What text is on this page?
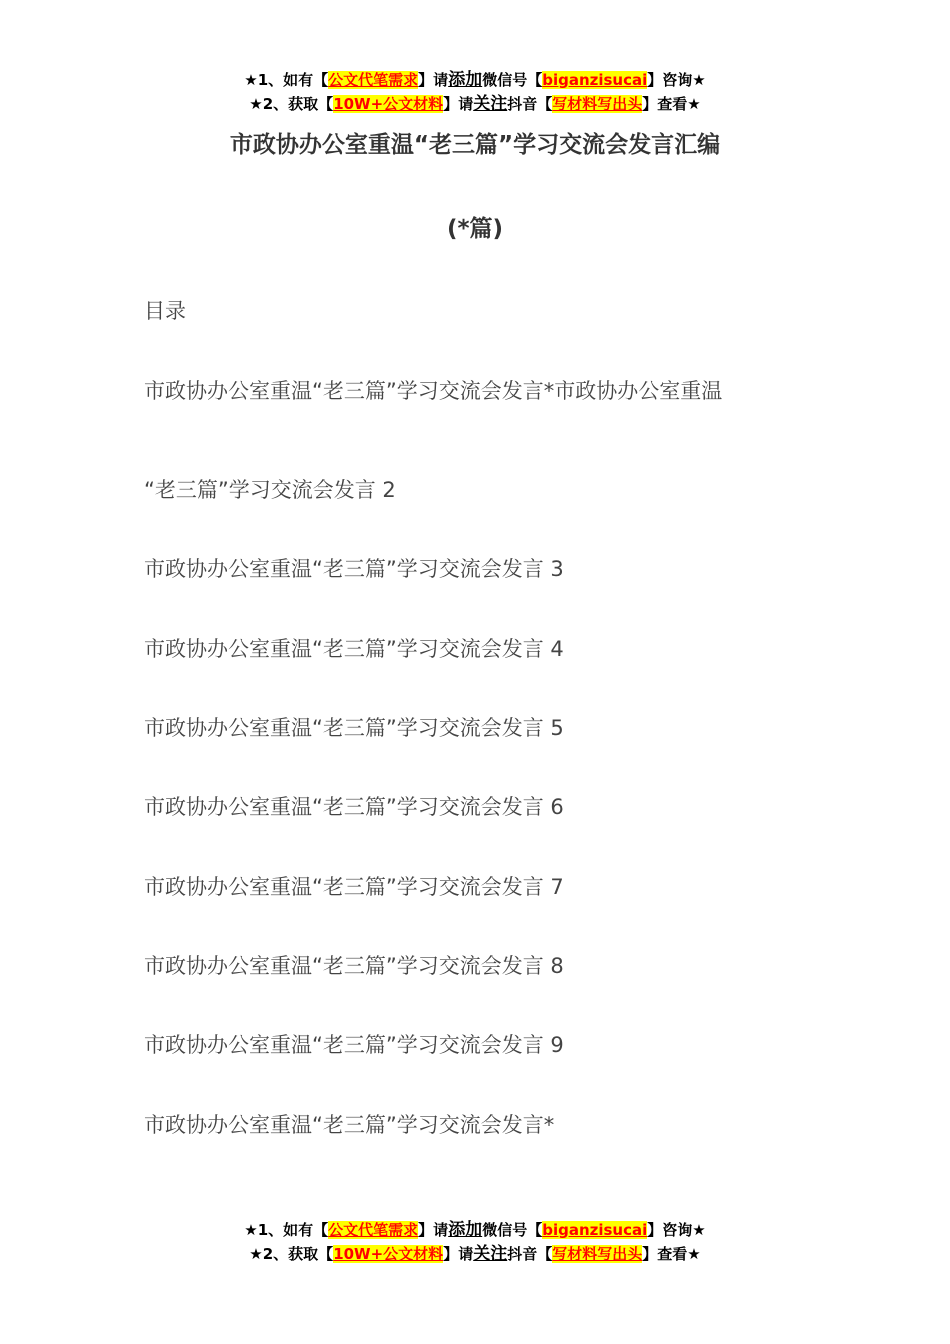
★1、如有【公文代笔需求】请添加微信号【biganzisucai】咨询★
★2、获取【10W+公文材料】请关注抖音【写材料写出头】查看★
市政协办公室重温“老三篇”学习交流会发言汇编
(*篇)
目录
市政协办公室重温“老三篇”学习交流会发言*市政协办公室重温
“老三篇”学习交流会发言 2
市政协办公室重温“老三篇”学习交流会发言 3
市政协办公室重温“老三篇”学习交流会发言 4
市政协办公室重温“老三篇”学习交流会发言 5
市政协办公室重温“老三篇”学习交流会发言 6
市政协办公室重温“老三篇”学习交流会发言 7
市政协办公室重温“老三篇”学习交流会发言 8
市政协办公室重温“老三篇”学习交流会发言 9
市政协办公室重温“老三篇”学习交流会发言*
★1、如有【公文代笔需求】请添加微信号【biganzisucai】咨询★
★2、获取【10W+公文材料】请关注抖音【写材料写出头】查看★
